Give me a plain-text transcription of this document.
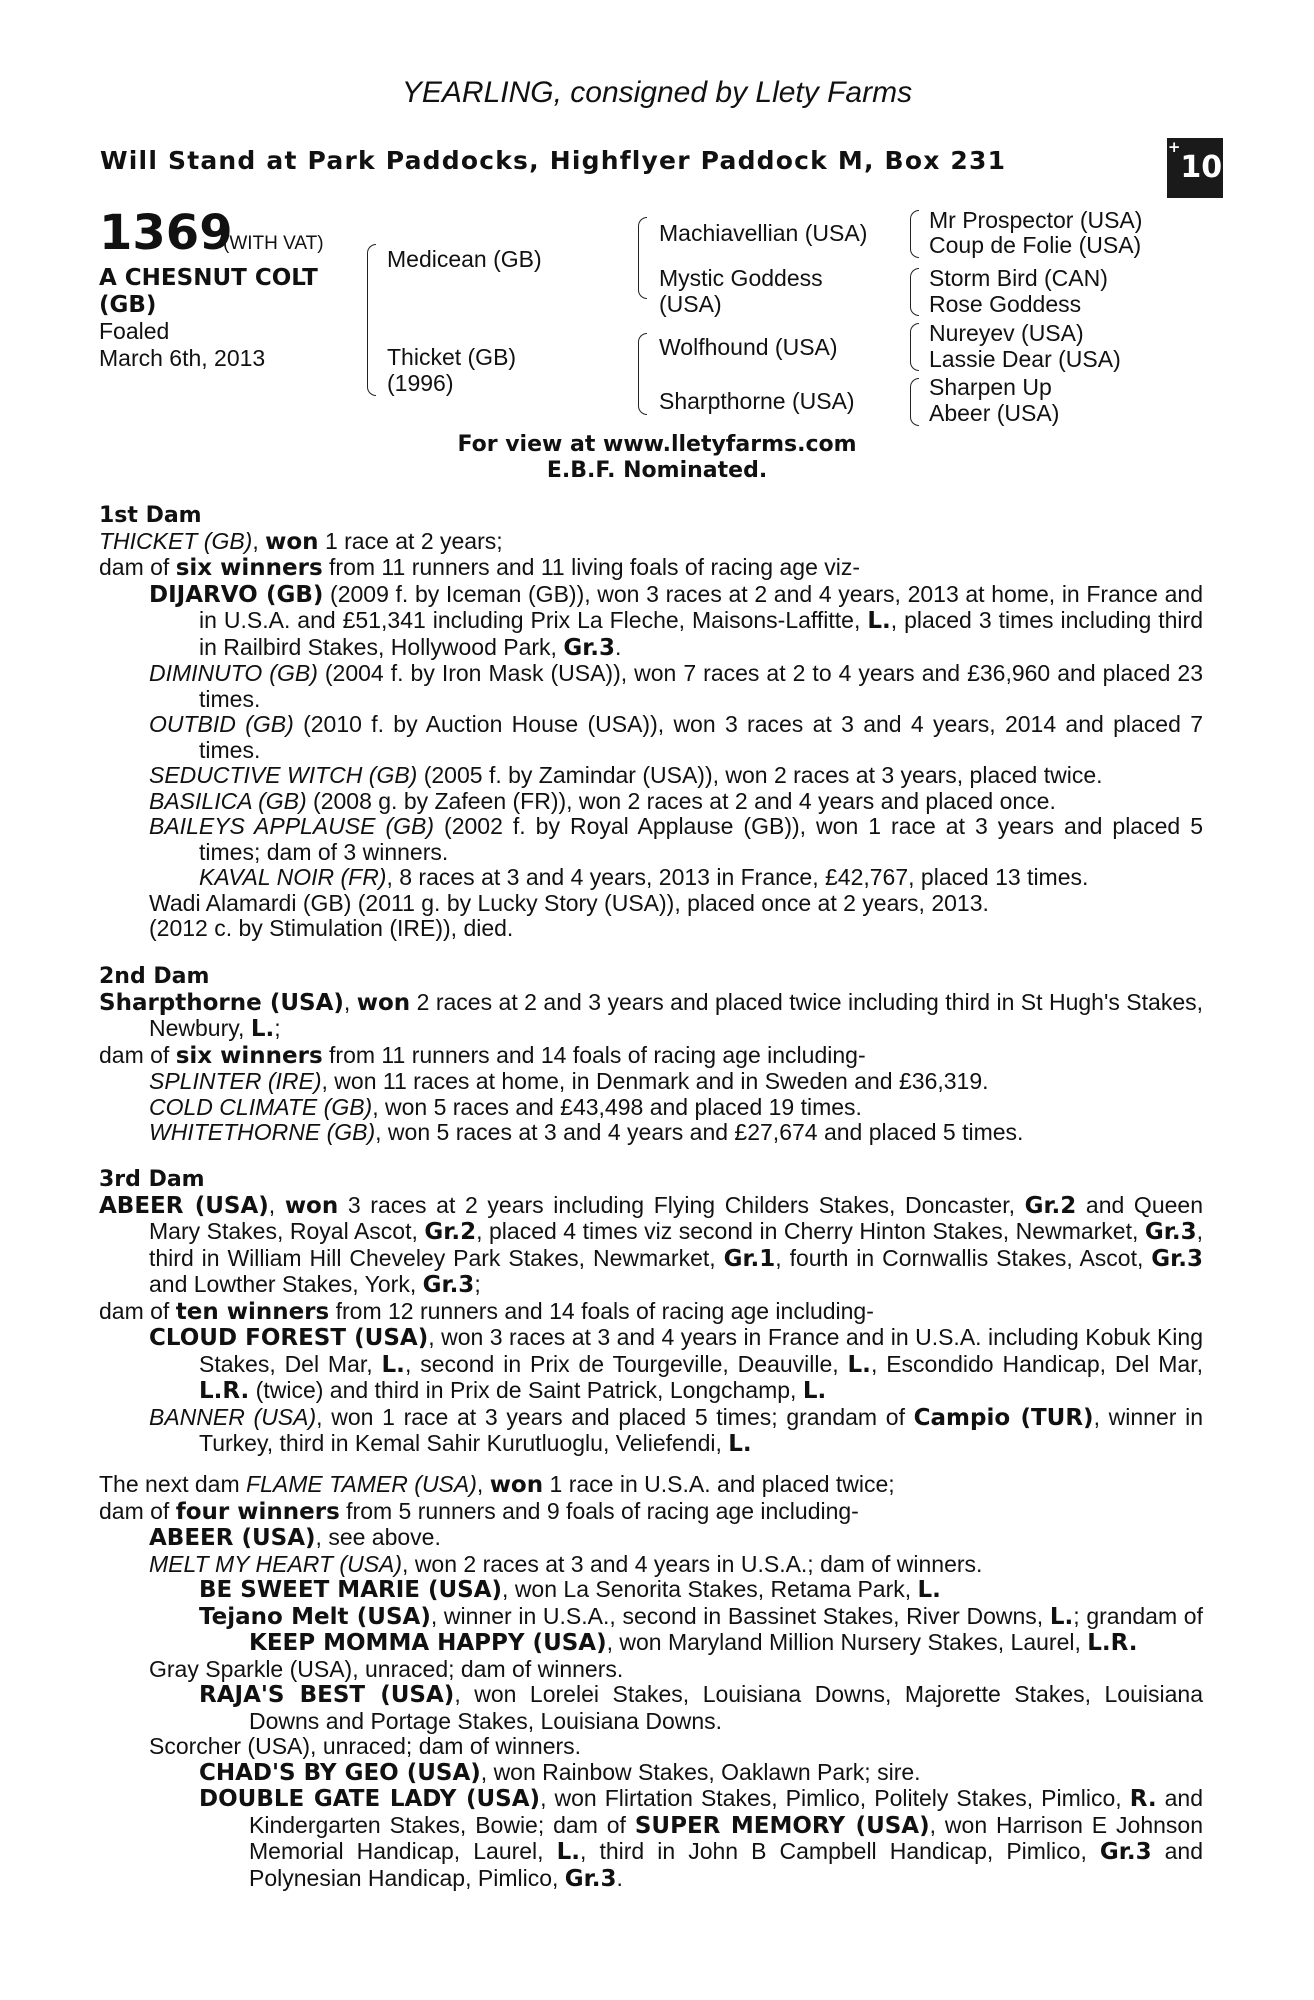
YEARLING, consigned by Llety Farms
Will Stand at Park Paddocks, Highflyer Paddock M, Box 231	+10
1369
(WITH VAT)
A CHESNUT COLT (GB)
Foaled
March 6th, 2013
Medicean (GB)
Thicket (GB)
(1996)
Machiavellian (USA)
Mystic Goddess
(USA)
Wolfhound (USA)
Sharpthorne (USA)
Mr Prospector (USA)
Coup de Folie (USA)
Storm Bird (CAN)
Rose Goddess
Nureyev (USA)
Lassie Dear (USA)
Sharpen Up
Abeer (USA)
For view at www.lletyfarms.com
E.B.F. Nominated.
1st Dam

THICKET (GB), won 1 race at 2 years;

dam of six winners from 11 runners and 11 living foals of racing age viz-

DIJARVO (GB) (2009 f. by Iceman (GB)), won 3 races at 2 and 4 years, 2013 at home, in France and in U.S.A. and £51,341 including Prix La Fleche, Maisons-Laffitte, L., placed 3 times including third in Railbird Stakes, Hollywood Park, Gr.3.

DIMINUTO (GB) (2004 f. by Iron Mask (USA)), won 7 races at 2 to 4 years and £36,960 and placed 23 times.

OUTBID (GB) (2010 f. by Auction House (USA)), won 3 races at 3 and 4 years, 2014 and placed 7 times.

SEDUCTIVE WITCH (GB) (2005 f. by Zamindar (USA)), won 2 races at 3 years, placed twice.

BASILICA (GB) (2008 g. by Zafeen (FR)), won 2 races at 2 and 4 years and placed once.

BAILEYS APPLAUSE (GB) (2002 f. by Royal Applause (GB)), won 1 race at 3 years and placed 5 times; dam of 3 winners.

KAVAL NOIR (FR), 8 races at 3 and 4 years, 2013 in France, £42,767, placed 13 times.

Wadi Alamardi (GB) (2011 g. by Lucky Story (USA)), placed once at 2 years, 2013.

(2012 c. by Stimulation (IRE)), died.

2nd Dam

Sharpthorne (USA), won 2 races at 2 and 3 years and placed twice including third in St Hugh's Stakes, Newbury, L.;

dam of six winners from 11 runners and 14 foals of racing age including-

SPLINTER (IRE), won 11 races at home, in Denmark and in Sweden and £36,319.

COLD CLIMATE (GB), won 5 races and £43,498 and placed 19 times.

WHITETHORNE (GB), won 5 races at 3 and 4 years and £27,674 and placed 5 times.

3rd Dam

ABEER (USA), won 3 races at 2 years including Flying Childers Stakes, Doncaster, Gr.2 and Queen Mary Stakes, Royal Ascot, Gr.2, placed 4 times viz second in Cherry Hinton Stakes, Newmarket, Gr.3, third in William Hill Cheveley Park Stakes, Newmarket, Gr.1, fourth in Cornwallis Stakes, Ascot, Gr.3 and Lowther Stakes, York, Gr.3;

dam of ten winners from 12 runners and 14 foals of racing age including-

CLOUD FOREST (USA), won 3 races at 3 and 4 years in France and in U.S.A. including Kobuk King Stakes, Del Mar, L., second in Prix de Tourgeville, Deauville, L., Escondido Handicap, Del Mar, L.R. (twice) and third in Prix de Saint Patrick, Longchamp, L.

BANNER (USA), won 1 race at 3 years and placed 5 times; grandam of Campio (TUR), winner in Turkey, third in Kemal Sahir Kurutluoglu, Veliefendi, L.

The next dam FLAME TAMER (USA), won 1 race in U.S.A. and placed twice;

dam of four winners from 5 runners and 9 foals of racing age including-

ABEER (USA), see above.

MELT MY HEART (USA), won 2 races at 3 and 4 years in U.S.A.; dam of winners.

BE SWEET MARIE (USA), won La Senorita Stakes, Retama Park, L.

Tejano Melt (USA), winner in U.S.A., second in Bassinet Stakes, River Downs, L.; grandam of KEEP MOMMA HAPPY (USA), won Maryland Million Nursery Stakes, Laurel, L.R.

Gray Sparkle (USA), unraced; dam of winners.

RAJA'S BEST (USA), won Lorelei Stakes, Louisiana Downs, Majorette Stakes, Louisiana Downs and Portage Stakes, Louisiana Downs.

Scorcher (USA), unraced; dam of winners.

CHAD'S BY GEO (USA), won Rainbow Stakes, Oaklawn Park; sire.

DOUBLE GATE LADY (USA), won Flirtation Stakes, Pimlico, Politely Stakes, Pimlico, R. and Kindergarten Stakes, Bowie; dam of SUPER MEMORY (USA), won Harrison E Johnson Memorial Handicap, Laurel, L., third in John B Campbell Handicap, Pimlico, Gr.3 and Polynesian Handicap, Pimlico, Gr.3.
